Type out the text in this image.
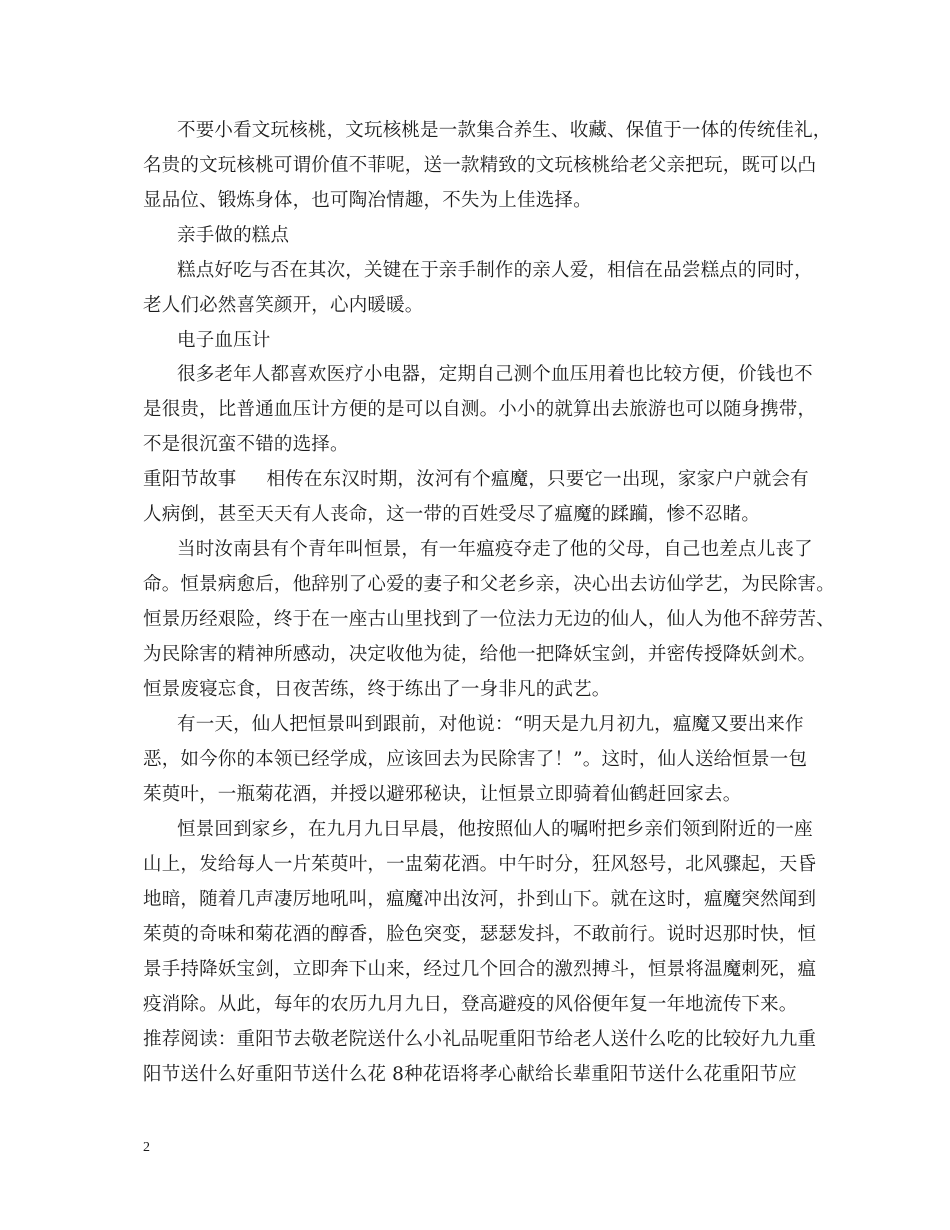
不要小看文玩核桃，文玩核桃是一款集合养生、收藏、保值于一体的传统佳礼，
名贵的文玩核桃可谓价值不菲呢，送一款精致的文玩核桃给老父亲把玩，既可以凸
显品位、锻炼身体，也可陶冶情趣，不失为上佳选择。
亲手做的糕点
糕点好吃与否在其次，关键在于亲手制作的亲人爱，相信在品尝糕点的同时，
老人们必然喜笑颜开，心内暖暖。
电子血压计
很多老年人都喜欢医疗小电器，定期自己测个血压用着也比较方便，价钱也不
是很贵，比普通血压计方便的是可以自测。小小的就算出去旅游也可以随身携带，
不是很沉蛮不错的选择。
重阳节故事 相传在东汉时期，汝河有个瘟魔，只要它一出现，家家户户就会有
人病倒，甚至天天有人丧命，这一带的百姓受尽了瘟魔的蹂躏，惨不忍睹。
当时汝南县有个青年叫恒景，有一年瘟疫夺走了他的父母，自己也差点儿丧了
命。恒景病愈后，他辞别了心爱的妻子和父老乡亲，决心出去访仙学艺，为民除害。
恒景历经艰险，终于在一座古山里找到了一位法力无边的仙人，仙人为他不辞劳苦、
为民除害的精神所感动，决定收他为徒，给他一把降妖宝剑，并密传授降妖剑术。
恒景废寝忘食，日夜苦练，终于练出了一身非凡的武艺。
有一天，仙人把恒景叫到跟前，对他说：“明天是九月初九，瘟魔又要出来作
恶，如今你的本领已经学成，应该回去为民除害了！”。这时，仙人送给恒景一包
茱萸叶，一瓶菊花酒，并授以避邪秘诀，让恒景立即骑着仙鹤赶回家去。
恒景回到家乡，在九月九日早晨，他按照仙人的嘱咐把乡亲们领到附近的一座
山上，发给每人一片茱萸叶，一盅菊花酒。中午时分，狂风怒号，北风骤起，天昏
地暗，随着几声凄厉地吼叫，瘟魔冲出汝河，扑到山下。就在这时，瘟魔突然闻到
茱萸的奇味和菊花酒的醇香，脸色突变，瑟瑟发抖，不敢前行。说时迟那时快，恒
景手持降妖宝剑，立即奔下山来，经过几个回合的激烈搏斗，恒景将温魔刺死，瘟
疫消除。从此，每年的农历九月九日，登高避疫的风俗便年复一年地流传下来。
推荐阅读：重阳节去敬老院送什么小礼品呢重阳节给老人送什么吃的比较好九九重
阳节送什么好重阳节送什么花 8种花语将孝心献给长辈重阳节送什么花重阳节应
2
